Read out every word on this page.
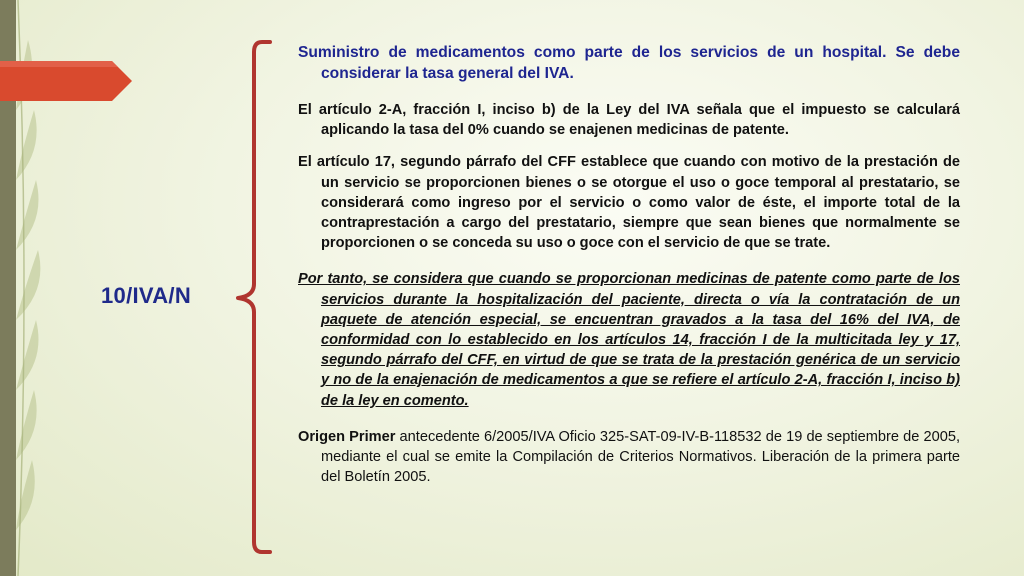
10/IVA/N

Suministro de medicamentos como parte de los servicios de un hospital. Se debe considerar la tasa general del IVA.

El artículo 2-A, fracción I, inciso b) de la Ley del IVA señala que el impuesto se calculará aplicando la tasa del 0% cuando se enajenen medicinas de patente.

El artículo 17, segundo párrafo del CFF establece que cuando con motivo de la prestación de un servicio se proporcionen bienes o se otorgue el uso o goce temporal al prestatario, se considerará como ingreso por el servicio o como valor de éste, el importe total de la contraprestación a cargo del prestatario, siempre que sean bienes que normalmente se proporcionen o se conceda su uso o goce con el servicio de que se trate.

Por tanto, se considera que cuando se proporcionan medicinas de patente como parte de los servicios durante la hospitalización del paciente, directa o vía la contratación de un paquete de atención especial, se encuentran gravados a la tasa del 16% del IVA, de conformidad con lo establecido en los artículos 14, fracción I de la multicitada ley y 17, segundo párrafo del CFF, en virtud de que se trata de la prestación genérica de un servicio y no de la enajenación de medicamentos a que se refiere el artículo 2-A, fracción I, inciso b) de la ley en comento.

Origen Primer antecedente 6/2005/IVA Oficio 325-SAT-09-IV-B-118532 de 19 de septiembre de 2005, mediante el cual se emite la Compilación de Criterios Normativos. Liberación de la primera parte del Boletín 2005.
